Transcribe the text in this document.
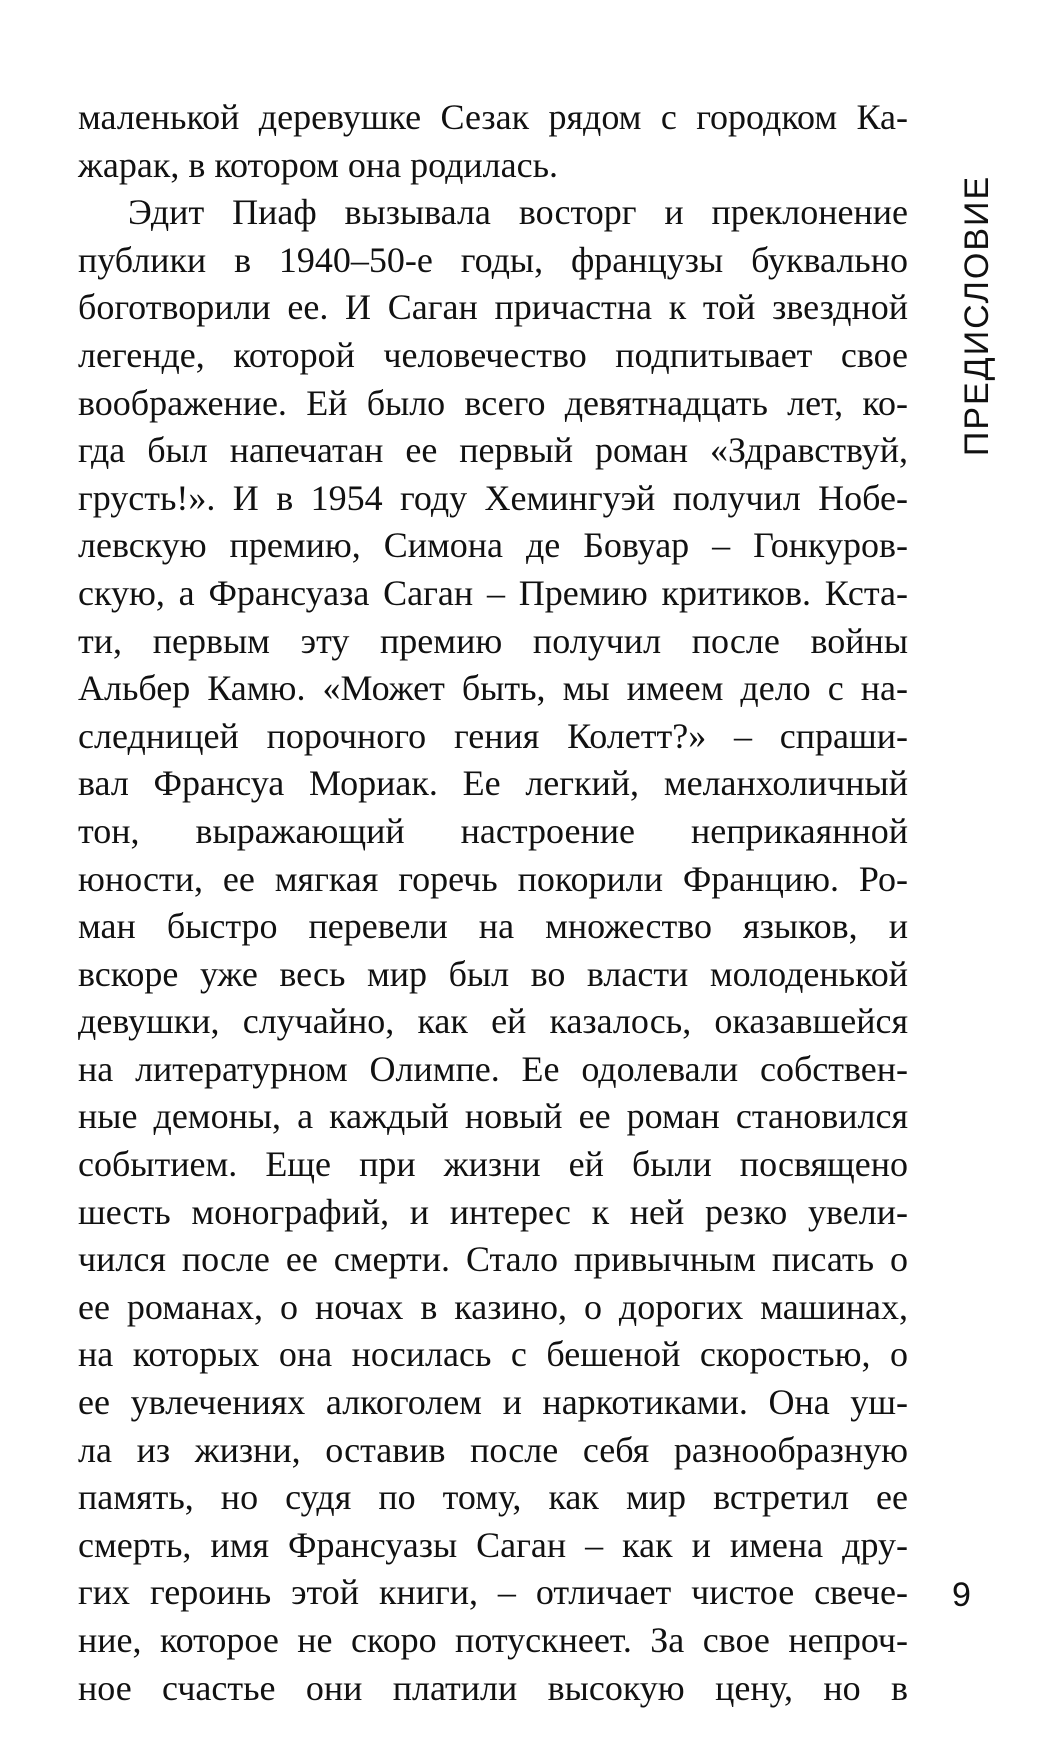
маленькой деревушке Сезак рядом с городком Ка-
жарак, в котором она родилась.
Эдит Пиаф вызывала восторг и преклонение
публики в 1940–50-е годы, французы буквально
боготворили ее. И Саган причастна к той звездной
легенде, которой человечество подпитывает свое
воображение. Ей было всего девятнадцать лет, ко-
гда был напечатан ее первый роман «Здравствуй,
грусть!». И в 1954 году Хемингуэй получил Нобе-
левскую премию, Симона де Бовуар – Гонкуров-
скую, а Франсуаза Саган – Премию критиков. Кста-
ти, первым эту премию получил после войны
Альбер Камю. «Может быть, мы имеем дело с на-
следницей порочного гения Колетт?» – спраши-
вал Франсуа Мориак. Ее легкий, меланхоличный
тон, выражающий настроение неприкаянной
юности, ее мягкая горечь покорили Францию. Ро-
ман быстро перевели на множество языков, и
вскоре уже весь мир был во власти молоденькой
девушки, случайно, как ей казалось, оказавшейся
на литературном Олимпе. Ее одолевали собствен-
ные демоны, а каждый новый ее роман становился
событием. Еще при жизни ей были посвящено
шесть монографий, и интерес к ней резко увели-
чился после ее смерти. Стало привычным писать о
ее романах, о ночах в казино, о дорогих машинах,
на которых она носилась с бешеной скоростью, о
ее увлечениях алкоголем и наркотиками. Она уш-
ла из жизни, оставив после себя разнообразную
память, но судя по тому, как мир встретил ее
смерть, имя Франсуазы Саган – как и имена дру-
гих героинь этой книги, – отличает чистое свече-
ние, которое не скоро потускнеет. За свое непроч-
ное счастье они платили высокую цену, но в
ПРЕДИСЛОВИЕ
9
